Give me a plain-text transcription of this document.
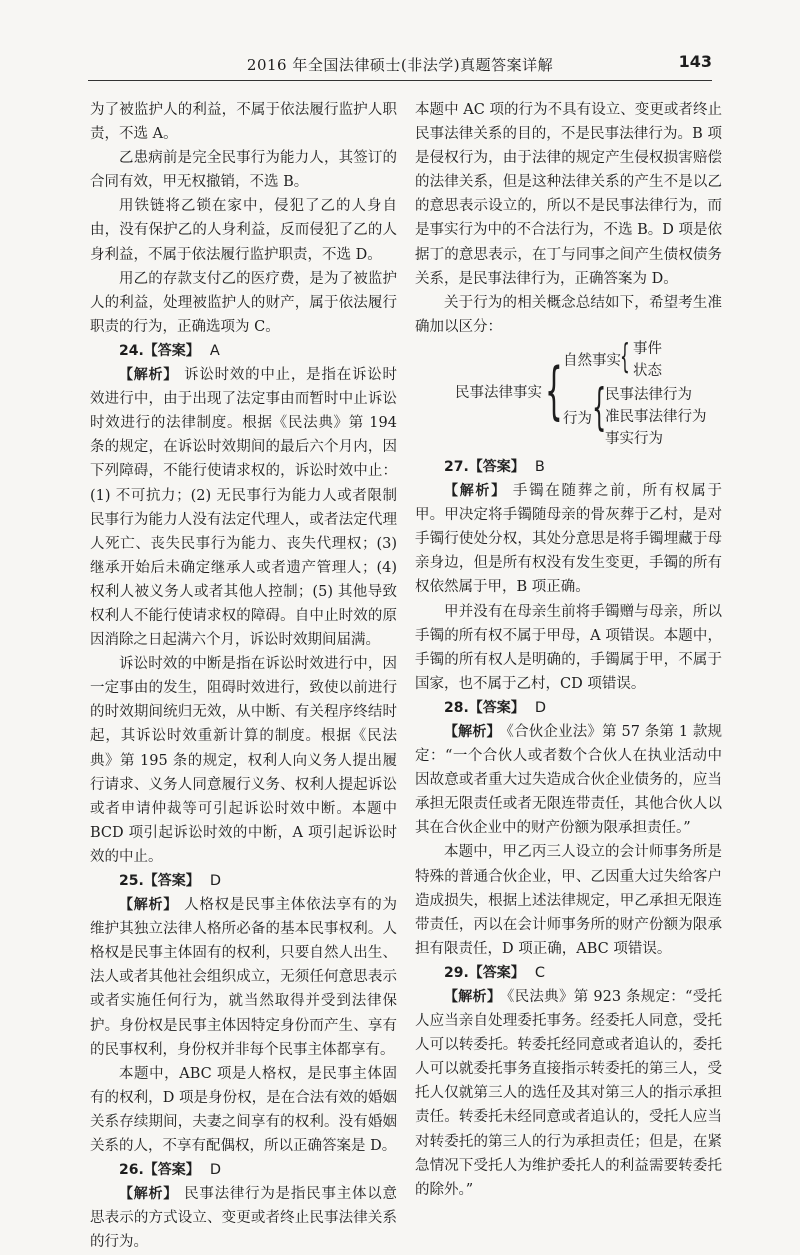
2016 年全国法律硕士(非法学)真题答案详解	143

为了被监护人的利益，不属于依法履行监护人职责，不选 A。

乙患病前是完全民事行为能力人，其签订的合同有效，甲无权撤销，不选 B。

用铁链将乙锁在家中，侵犯了乙的人身自由，没有保护乙的人身利益，反而侵犯了乙的人身利益，不属于依法履行监护职责，不选 D。

用乙的存款支付乙的医疗费，是为了被监护人的利益，处理被监护人的财产，属于依法履行职责的行为，正确选项为 C。

24.【答案】 A

【解析】 诉讼时效的中止，是指在诉讼时效进行中，由于出现了法定事由而暂时中止诉讼时效进行的法律制度。根据《民法典》第 194 条的规定，在诉讼时效期间的最后六个月内，因下列障碍，不能行使请求权的，诉讼时效中止：(1) 不可抗力；(2) 无民事行为能力人或者限制民事行为能力人没有法定代理人，或者法定代理人死亡、丧失民事行为能力、丧失代理权；(3) 继承开始后未确定继承人或者遗产管理人；(4) 权利人被义务人或者其他人控制；(5) 其他导致权利人不能行使请求权的障碍。自中止时效的原因消除之日起满六个月，诉讼时效期间届满。

诉讼时效的中断是指在诉讼时效进行中，因一定事由的发生，阻碍时效进行，致使以前进行的时效期间统归无效，从中断、有关程序终结时起，其诉讼时效重新计算的制度。根据《民法典》第 195 条的规定，权利人向义务人提出履行请求、义务人同意履行义务、权利人提起诉讼或者申请仲裁等可引起诉讼时效中断。本题中 BCD 项引起诉讼时效的中断，A 项引起诉讼时效的中止。

25.【答案】 D

【解析】 人格权是民事主体依法享有的为维护其独立法律人格所必备的基本民事权利。人格权是民事主体固有的权利，只要自然人出生、法人或者其他社会组织成立，无须任何意思表示或者实施任何行为，就当然取得并受到法律保护。身份权是民事主体因特定身份而产生、享有的民事权利，身份权并非每个民事主体都享有。

本题中，ABC 项是人格权，是民事主体固有的权利，D 项是身份权，是在合法有效的婚姻关系存续期间，夫妻之间享有的权利。没有婚姻关系的人，不享有配偶权，所以正确答案是 D。

26.【答案】 D

【解析】 民事法律行为是指民事主体以意思表示的方式设立、变更或者终止民事法律关系的行为。

本题中 AC 项的行为不具有设立、变更或者终止民事法律关系的目的，不是民事法律行为。B 项是侵权行为，由于法律的规定产生侵权损害赔偿的法律关系，但是这种法律关系的产生不是以乙的意思表示设立的，所以不是民事法律行为，而是事实行为中的不合法行为，不选 B。D 项是依据丁的意思表示，在丁与同事之间产生债权债务关系，是民事法律行为，正确答案为 D。

关于行为的相关概念总结如下，希望考生准确加以区分：

民事法律事实 { 自然事实 { 事件
状态
行为 {
民事法律行为
准民事法律行为
事实行为

27.【答案】 B

【解析】 手镯在随葬之前，所有权属于甲。甲决定将手镯随母亲的骨灰葬于乙村，是对手镯行使处分权，其处分意思是将手镯埋藏于母亲身边，但是所有权没有发生变更，手镯的所有权依然属于甲，B 项正确。

甲并没有在母亲生前将手镯赠与母亲，所以手镯的所有权不属于甲母，A 项错误。本题中，手镯的所有权人是明确的，手镯属于甲，不属于国家，也不属于乙村，CD 项错误。

28.【答案】 D

【解析】 《合伙企业法》第 57 条第 1 款规定：“一个合伙人或者数个合伙人在执业活动中因故意或者重大过失造成合伙企业债务的，应当承担无限责任或者无限连带责任，其他合伙人以其在合伙企业中的财产份额为限承担责任。”

本题中，甲乙丙三人设立的会计师事务所是特殊的普通合伙企业，甲、乙因重大过失给客户造成损失，根据上述法律规定，甲乙承担无限连带责任，丙以在会计师事务所的财产份额为限承担有限责任，D 项正确，ABC 项错误。

29.【答案】 C

【解析】 《民法典》第 923 条规定：“受托人应当亲自处理委托事务。经委托人同意，受托人可以转委托。转委托经同意或者追认的，委托人可以就委托事务直接指示转委托的第三人，受托人仅就第三人的选任及其对第三人的指示承担责任。转委托未经同意或者追认的，受托人应当对转委托的第三人的行为承担责任；但是，在紧急情况下受托人为维护委托人的利益需要转委托的除外。”
